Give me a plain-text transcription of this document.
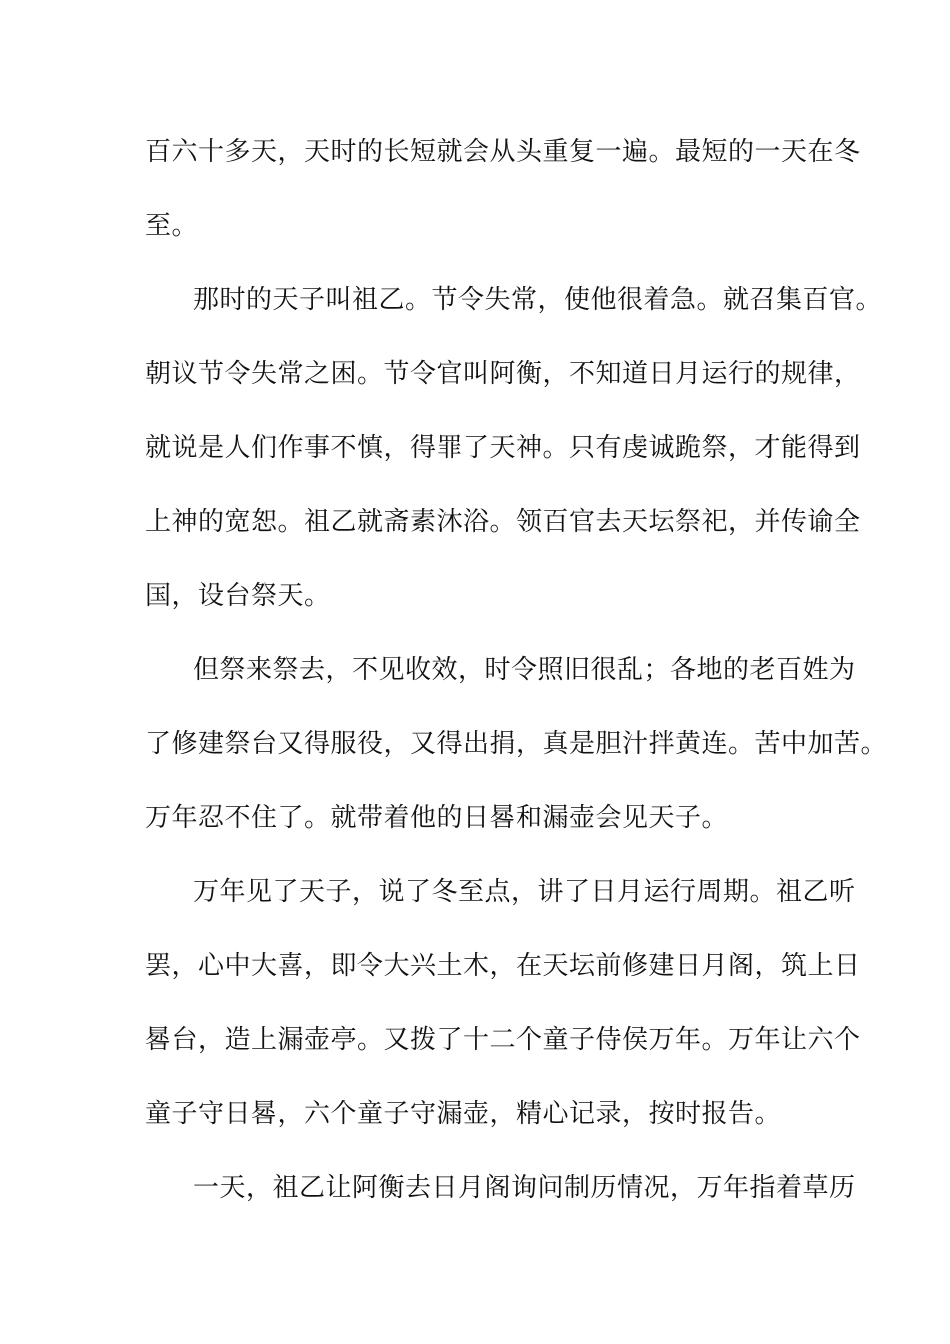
百六十多天，天时的长短就会从头重复一遍。最短的一天在冬

至。

那时的天子叫祖乙。节令失常，使他很着急。就召集百官。

朝议节令失常之困。节令官叫阿衡，不知道日月运行的规律，

就说是人们作事不慎，得罪了天神。只有虔诚跪祭，才能得到

上神的宽恕。祖乙就斋素沐浴。领百官去天坛祭祀，并传谕全

国，设台祭天。

但祭来祭去，不见收效，时令照旧很乱；各地的老百姓为

了修建祭台又得服役，又得出捐，真是胆汁拌黄连。苦中加苦。

万年忍不住了。就带着他的日晷和漏壶会见天子。

万年见了天子，说了冬至点，讲了日月运行周期。祖乙听

罢，心中大喜，即令大兴土木，在天坛前修建日月阁，筑上日

晷台，造上漏壶亭。又拨了十二个童子侍侯万年。万年让六个

童子守日晷，六个童子守漏壶，精心记录，按时报告。

一天，祖乙让阿衡去日月阁询问制历情况，万年指着草历
